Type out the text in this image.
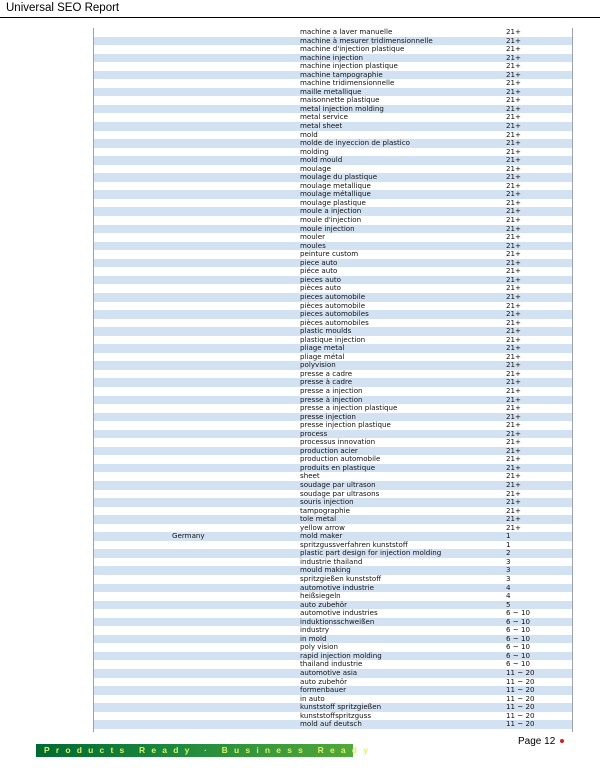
Universal SEO Report
machine a laver manuelle	21+
machine à mesurer tridimensionnelle	21+
machine d'injection plastique	21+
machine injection	21+
machine injection plastique	21+
machine tampographie	21+
machine tridimensionnelle	21+
maille metallique	21+
maisonnette plastique	21+
metal injection molding	21+
metal service	21+
metal sheet	21+
mold	21+
molde de inyeccion de plastico	21+
molding	21+
mold mould	21+
moulage	21+
moulage du plastique	21+
moulage metallique	21+
moulage métallique	21+
moulage plastique	21+
moule a injection	21+
moule d'injection	21+
moule injection	21+
mouler	21+
moules	21+
peinture custom	21+
piece auto	21+
piéce auto	21+
pieces auto	21+
pièces auto	21+
pieces automobile	21+
pièces automobile	21+
pieces automobiles	21+
pièces automobiles	21+
plastic moulds	21+
plastique injection	21+
pliage metal	21+
pliage métal	21+
polyvision	21+
presse a cadre	21+
presse à cadre	21+
presse a injection	21+
presse à injection	21+
presse a injection plastique	21+
presse injection	21+
presse injection plastique	21+
process	21+
processus innovation	21+
production acier	21+
production automobile	21+
produits en plastique	21+
sheet	21+
soudage par ultrason	21+
soudage par ultrasons	21+
souris injection	21+
tampographie	21+
tole metal	21+
yellow arrow	21+
Germany	mold maker	1
spritzgussverfahren kunststoff	1
plastic part design for injection molding	2
industrie thailand	3
mould making	3
spritzgießen kunststoff	3
automotive industrie	4
heißsiegeln	4
auto zubehör	5
automotive industries	6 ~ 10
induktionsschweißen	6 ~ 10
industry	6 ~ 10
in mold	6 ~ 10
poly vision	6 ~ 10
rapid injection molding	6 ~ 10
thailand industrie	6 ~ 10
automotive asia	11 ~ 20
auto zubehör	11 ~ 20
formenbauer	11 ~ 20
in auto	11 ~ 20
kunststoff spritzgießen	11 ~ 20
kunststoffspritzguss	11 ~ 20
mold auf deutsch	11 ~ 20
Products Ready · Business Ready
Page 12
